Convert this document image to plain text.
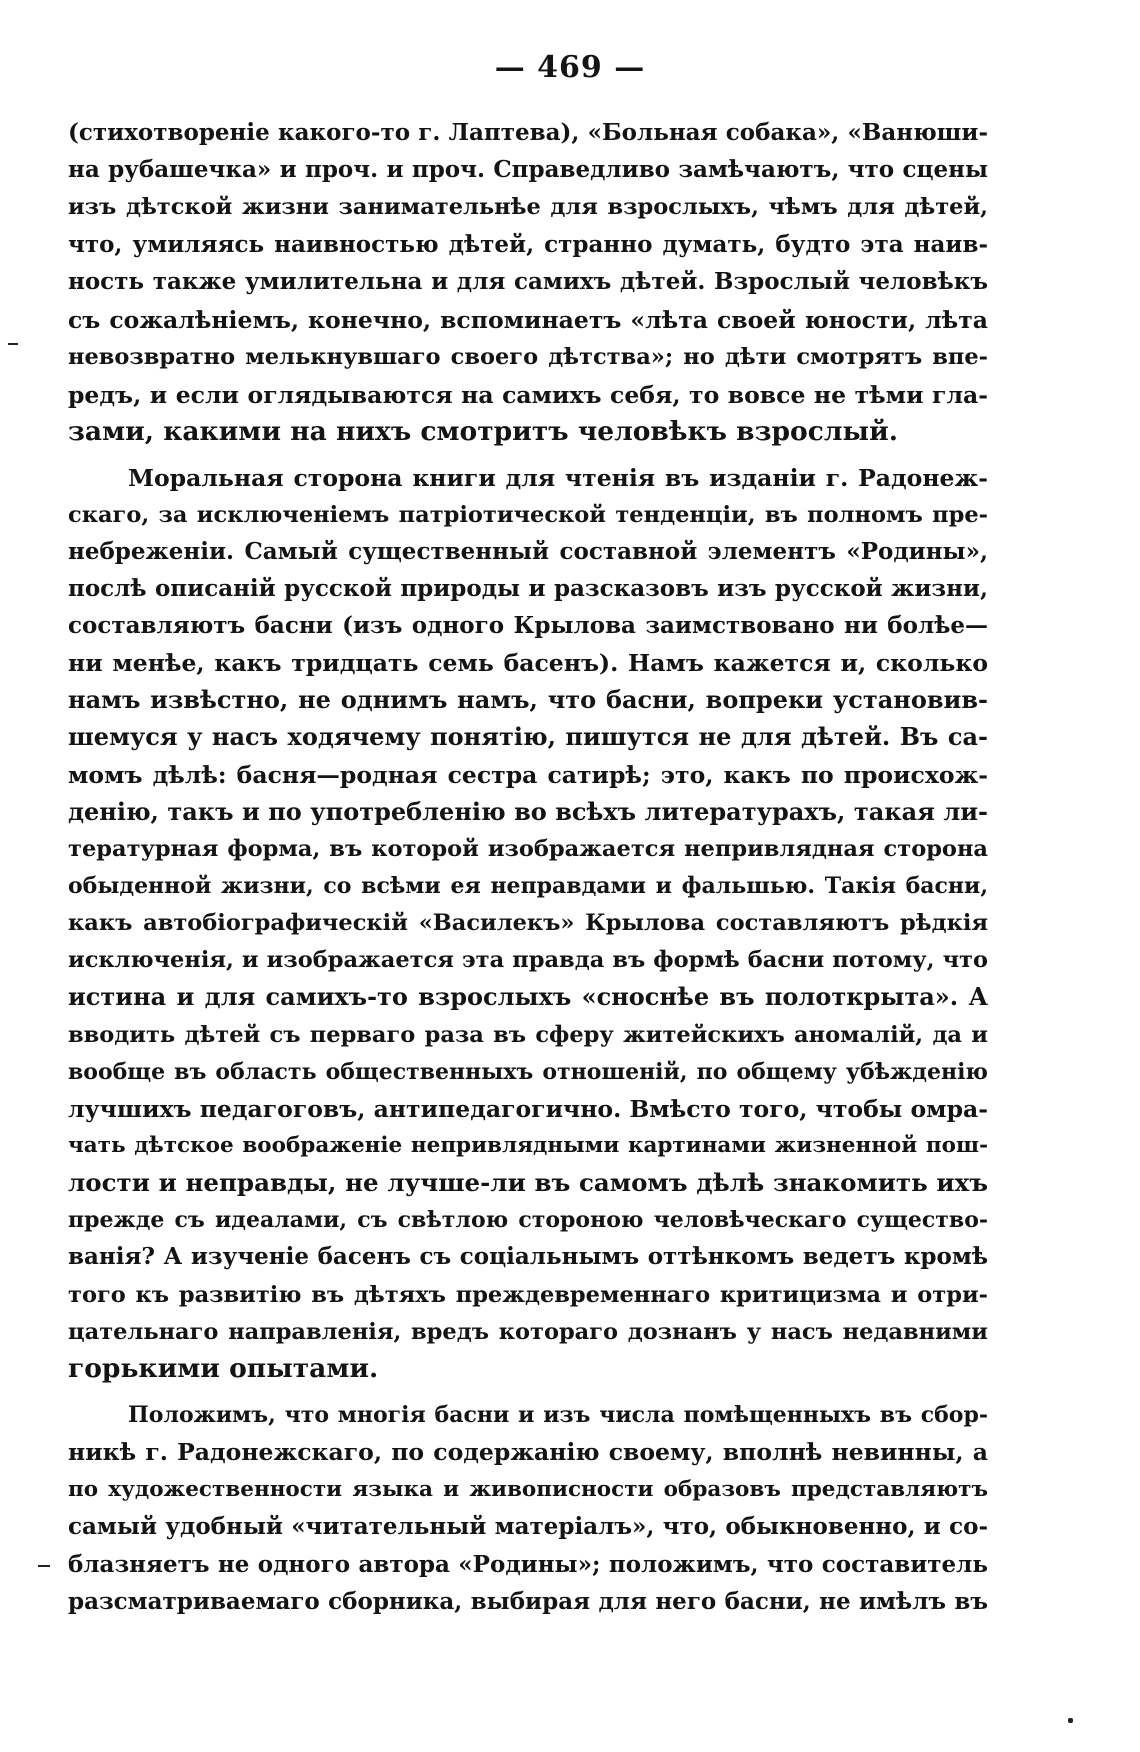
— 469 —
(стихотворенiе какого-то г. Лаптева), «Больная собака», «Ванюши-
на рубашечка» и проч. и проч. Справедливо замѣчаютъ, что сцены
изъ дѣтской жизни занимательнѣе для взрослыхъ, чѣмъ для дѣтей,
что, умиляясь наивностью дѣтей, странно думать, будто эта наив-
ность также умилительна и для самихъ дѣтей. Взрослый человѣкъ
съ сожалѣнiемъ, конечно, вспоминаетъ «лѣта своей юности, лѣта
невозвратно мелькнувшаго своего дѣтства»; но дѣти смотрятъ впе-
редъ, и если оглядываются на самихъ себя, то вовсе не тѣми гла-
зами, какими на нихъ смотритъ человѣкъ взрослый.
Моральная сторона книги для чтенiя въ изданiи г. Радонеж-
скаго, за исключенiемъ патрiотической тенденцiи, въ полномъ пре-
небреженiи. Самый существенный составной элементъ «Родины»,
послѣ описанiй русской природы и разсказовъ изъ русской жизни,
составляютъ басни (изъ одного Крылова заимствовано ни болѣе—
ни менѣе, какъ тридцать семь басенъ). Намъ кажется и, сколько
намъ извѣстно, не однимъ намъ, что басни, вопреки установив-
шемуся у насъ ходячему понятiю, пишутся не для дѣтей. Въ са-
момъ дѣлѣ: басня—родная сестра сатирѣ; это, какъ по происхож-
денiю, такъ и по употребленiю во всѣхъ литературахъ, такая ли-
тературная форма, въ которой изображается непривлядная сторона
обыденной жизни, со всѣми ея неправдами и фальшью. Такiя басни,
какъ автобiографическiй «Василекъ» Крылова составляютъ рѣдкiя
исключенiя, и изображается эта правда въ формѣ басни потому, что
истина и для самихъ-то взрослыхъ «сноснѣе въ полоткрыта». А
вводить дѣтей съ перваго раза въ сферу житейскихъ аномалiй, да и
вообще въ область общественныхъ отношенiй, по общему убѣжденiю
лучшихъ педагоговъ, антипедагогично. Вмѣсто того, чтобы омра-
чать дѣтское воображенiе непривлядными картинами жизненной пош-
лости и неправды, не лучше-ли въ самомъ дѣлѣ знакомить ихъ
прежде съ идеалами, съ свѣтлою стороною человѣческаго существо-
ванiя? А изученiе басенъ съ соцiальнымъ оттѣнкомъ ведетъ кромѣ
того къ развитiю въ дѣтяхъ преждевременнаго критицизма и отри-
цательнаго направленiя, вредъ котораго дознанъ у насъ недавними
горькими опытами.
Положимъ, что многiя басни и изъ числа помѣщенныхъ въ сбор-
никѣ г. Радонежскаго, по содержанiю своему, вполнѣ невинны, а
по художественности языка и живописности образовъ представляютъ
самый удобный «читательный матерiалъ», что, обыкновенно, и со-
блазняетъ не одного автора «Родины»; положимъ, что составитель
разсматриваемаго сборника, выбирая для него басни, не имѣлъ въ
